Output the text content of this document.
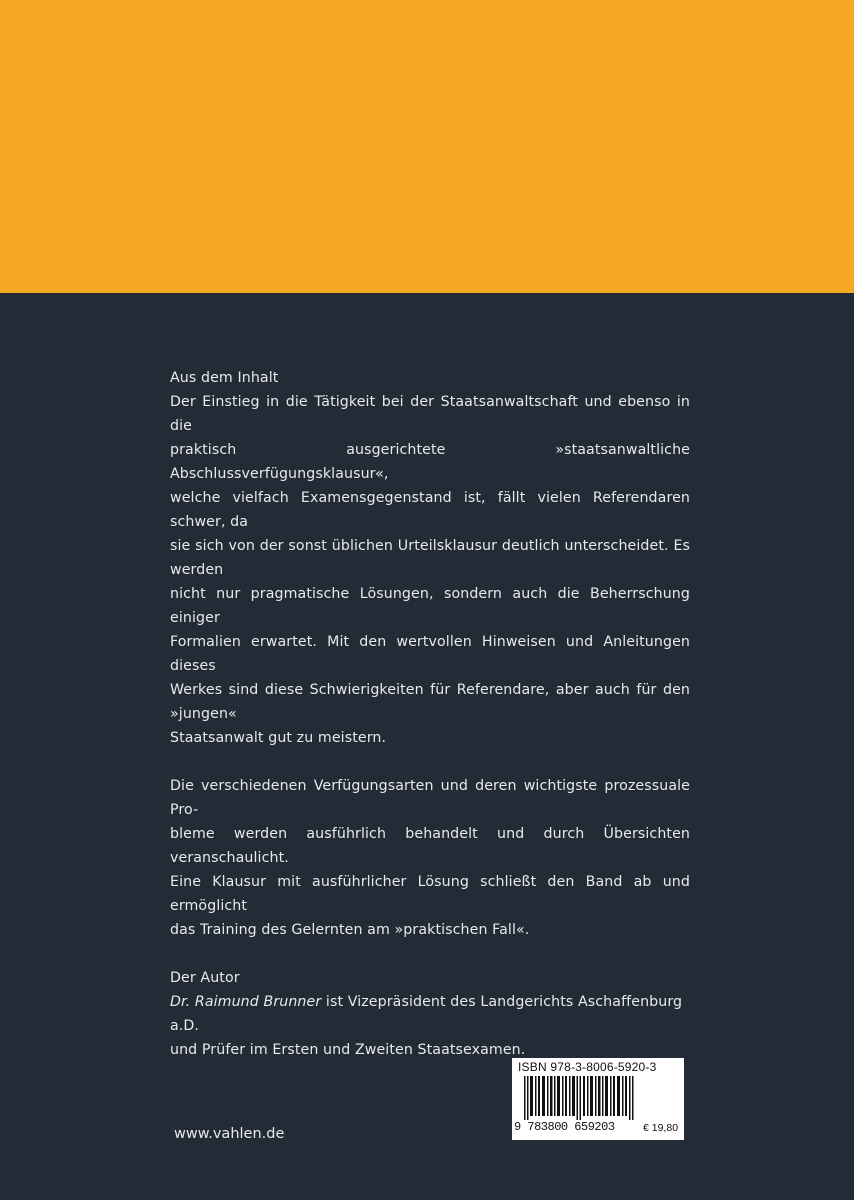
Aus dem Inhalt

Der Einstieg in die Tätigkeit bei der Staatsanwaltschaft und ebenso in die

praktisch ausgerichtete »staatsanwaltliche Abschlussverfügungsklausur«,

welche vielfach Examensgegenstand ist, fällt vielen Referendaren schwer, da

sie sich von der sonst üblichen Urteilsklausur deutlich unterscheidet. Es werden

nicht nur pragmatische Lösungen, sondern auch die Beherrschung einiger

Formalien erwartet. Mit den wertvollen Hinweisen und Anleitungen dieses

Werkes sind diese Schwierigkeiten für Referendare, aber auch für den »jungen«

Staatsanwalt gut zu meistern.

Die verschiedenen Verfügungsarten und deren wichtigste prozessuale Pro-

bleme werden ausführlich behandelt und durch Übersichten veranschaulicht.

Eine Klausur mit ausführlicher Lösung schließt den Band ab und ermöglicht

das Training des Gelernten am »praktischen Fall«.

Der Autor

Dr. Raimund Brunner ist Vizepräsident des Landgerichts Aschaffenburg a.D.

und Prüfer im Ersten und Zweiten Staatsexamen.

www.vahlen.de
ISBN 978-3-8006-5920-3
9 783800 659203	€ 19,80
